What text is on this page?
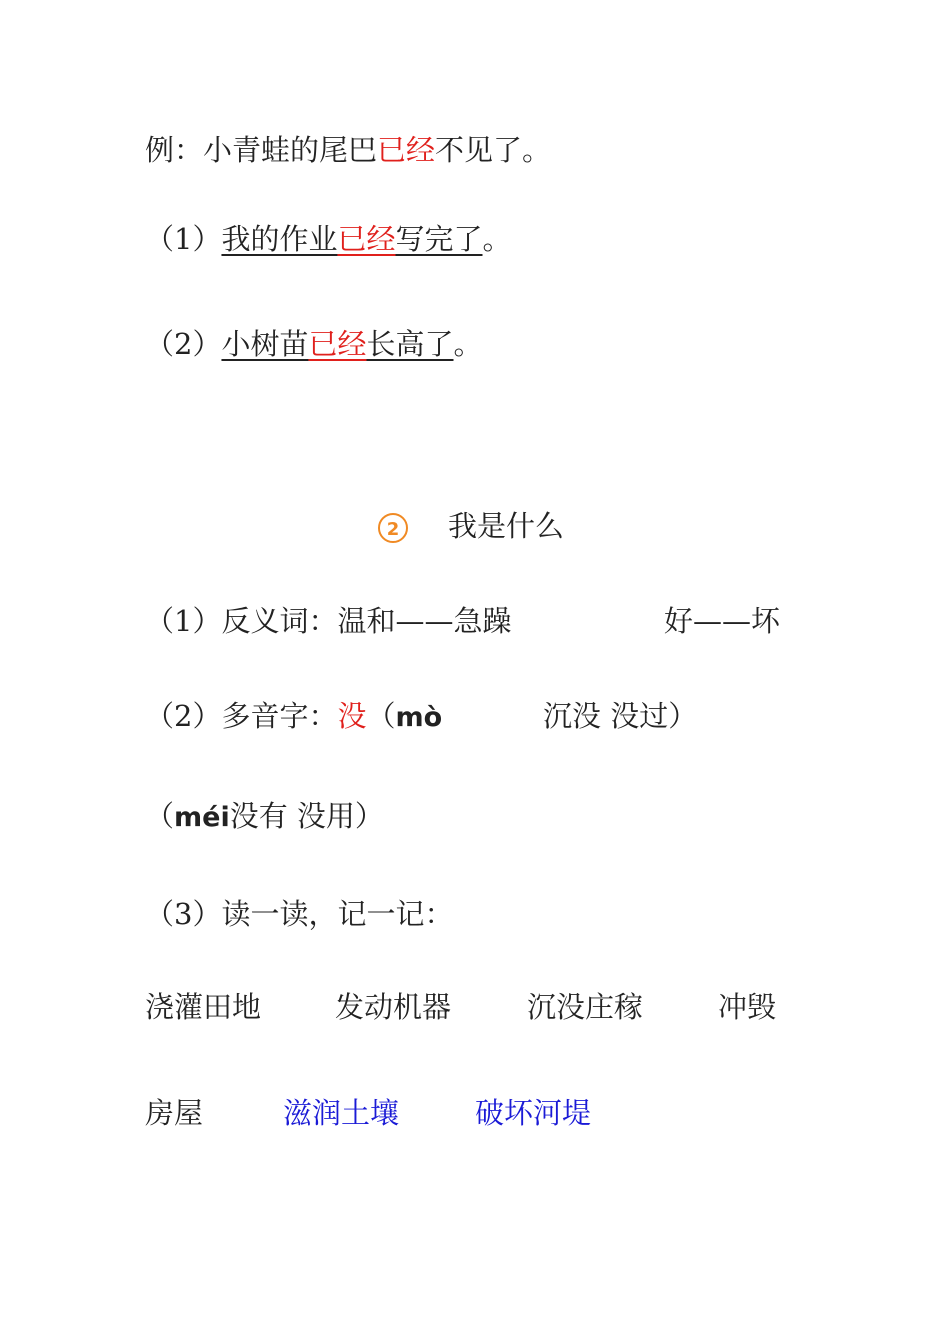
例：小青蛙的尾巴已经不见了。
（1）我的作业已经写完了。
（2）小树苗已经长高了。
2 我是什么
（1）反义词：温和——急躁	好——坏
（2）多音字：没（mò	沉没 没过）
（méi没有 没用）
（3）读一读，记一记：
浇灌田地	发动机器	沉没庄稼	冲毁
房屋	滋润土壤	破坏河堤
